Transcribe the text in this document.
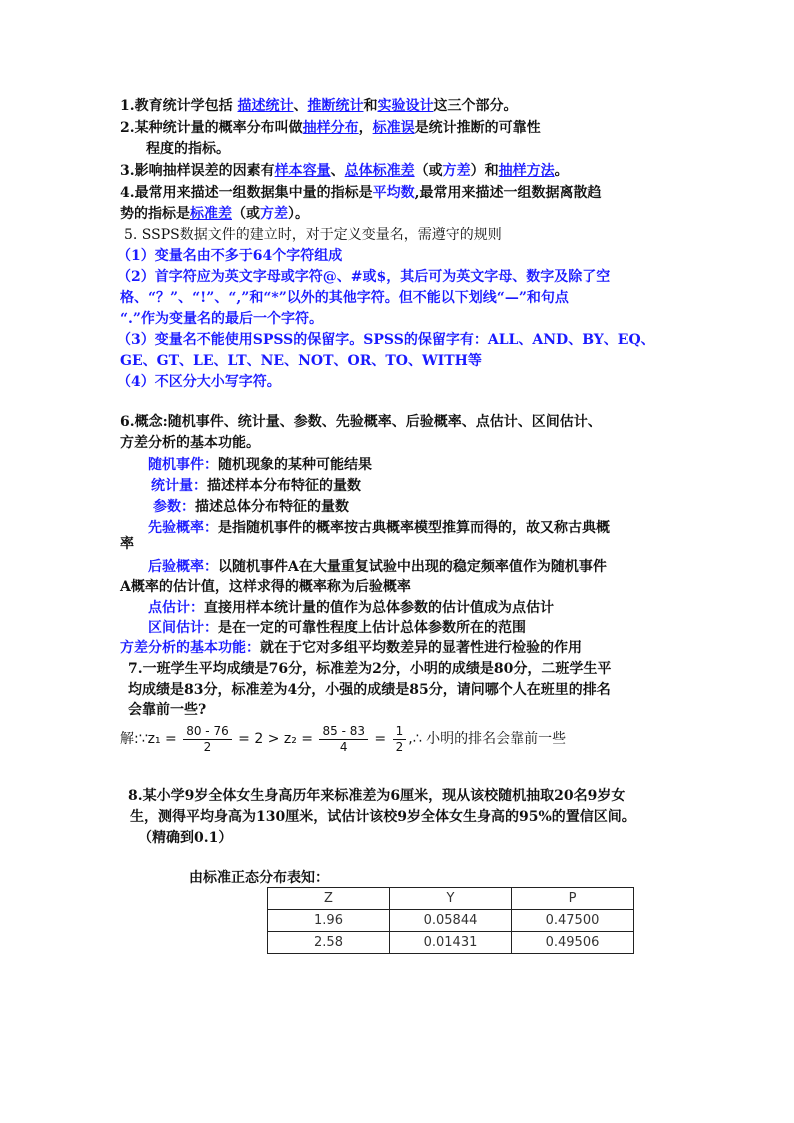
1.教育统计学包括 描述统计、推断统计和实验设计这三个部分。
2.某种统计量的概率分布叫做抽样分布，标准误是统计推断的可靠性
程度的指标。
3.影响抽样误差的因素有样本容量、总体标准差（或方差）和抽样方法。
4.最常用来描述一组数据集中量的指标是平均数,最常用来描述一组数据离散趋
势的指标是标准差（或方差）。
5. SSPS数据文件的建立时，对于定义变量名，需遵守的规则
（1）变量名由不多于64个字符组成
（2）首字符应为英文字母或字符@、#或$，其后可为英文字母、数字及除了空
格、“？”、“!”、“,”和“*”以外的其他字符。但不能以下划线“—”和句点
“.”作为变量名的最后一个字符。
（3）变量名不能使用SPSS的保留字。SPSS的保留字有：ALL、AND、BY、EQ、
GE、GT、LE、LT、NE、NOT、OR、TO、WITH等
（4）不区分大小写字符。
6.概念:随机事件、统计量、参数、先验概率、后验概率、点估计、区间估计、
方差分析的基本功能。
随机事件：随机现象的某种可能结果
统计量：描述样本分布特征的量数
参数：描述总体分布特征的量数
先验概率：是指随机事件的概率按古典概率模型推算而得的，故又称古典概
率
后验概率：以随机事件A在大量重复试验中出现的稳定频率值作为随机事件
A概率的估计值，这样求得的概率称为后验概率
点估计：直接用样本统计量的值作为总体参数的估计值成为点估计
区间估计：是在一定的可靠性程度上估计总体参数所在的范围
方差分析的基本功能：就在于它对多组平均数差异的显著性进行检验的作用
7.一班学生平均成绩是76分，标准差为2分，小明的成绩是80分，二班学生平
均成绩是83分，标准差为4分，小强的成绩是85分，请问哪个人在班里的排名
会靠前一些?
解:∵z₁ = $\frac{80 - 76}{2} = 2 > z_2 = \frac{85 - 83}{4} = \frac{1}{2}$ ,∴ 小明的排名会靠前一些
8.某小学9岁全体女生身高历年来标准差为6厘米，现从该校随机抽取20名9岁女
生，测得平均身高为130厘米，试估计该校9岁全体女生身高的95%的置信区间。
（精确到0.1）
由标准正态分布表知：
Z	Y	P
1.96	0.05844	0.47500
2.58	0.01431	0.49506
